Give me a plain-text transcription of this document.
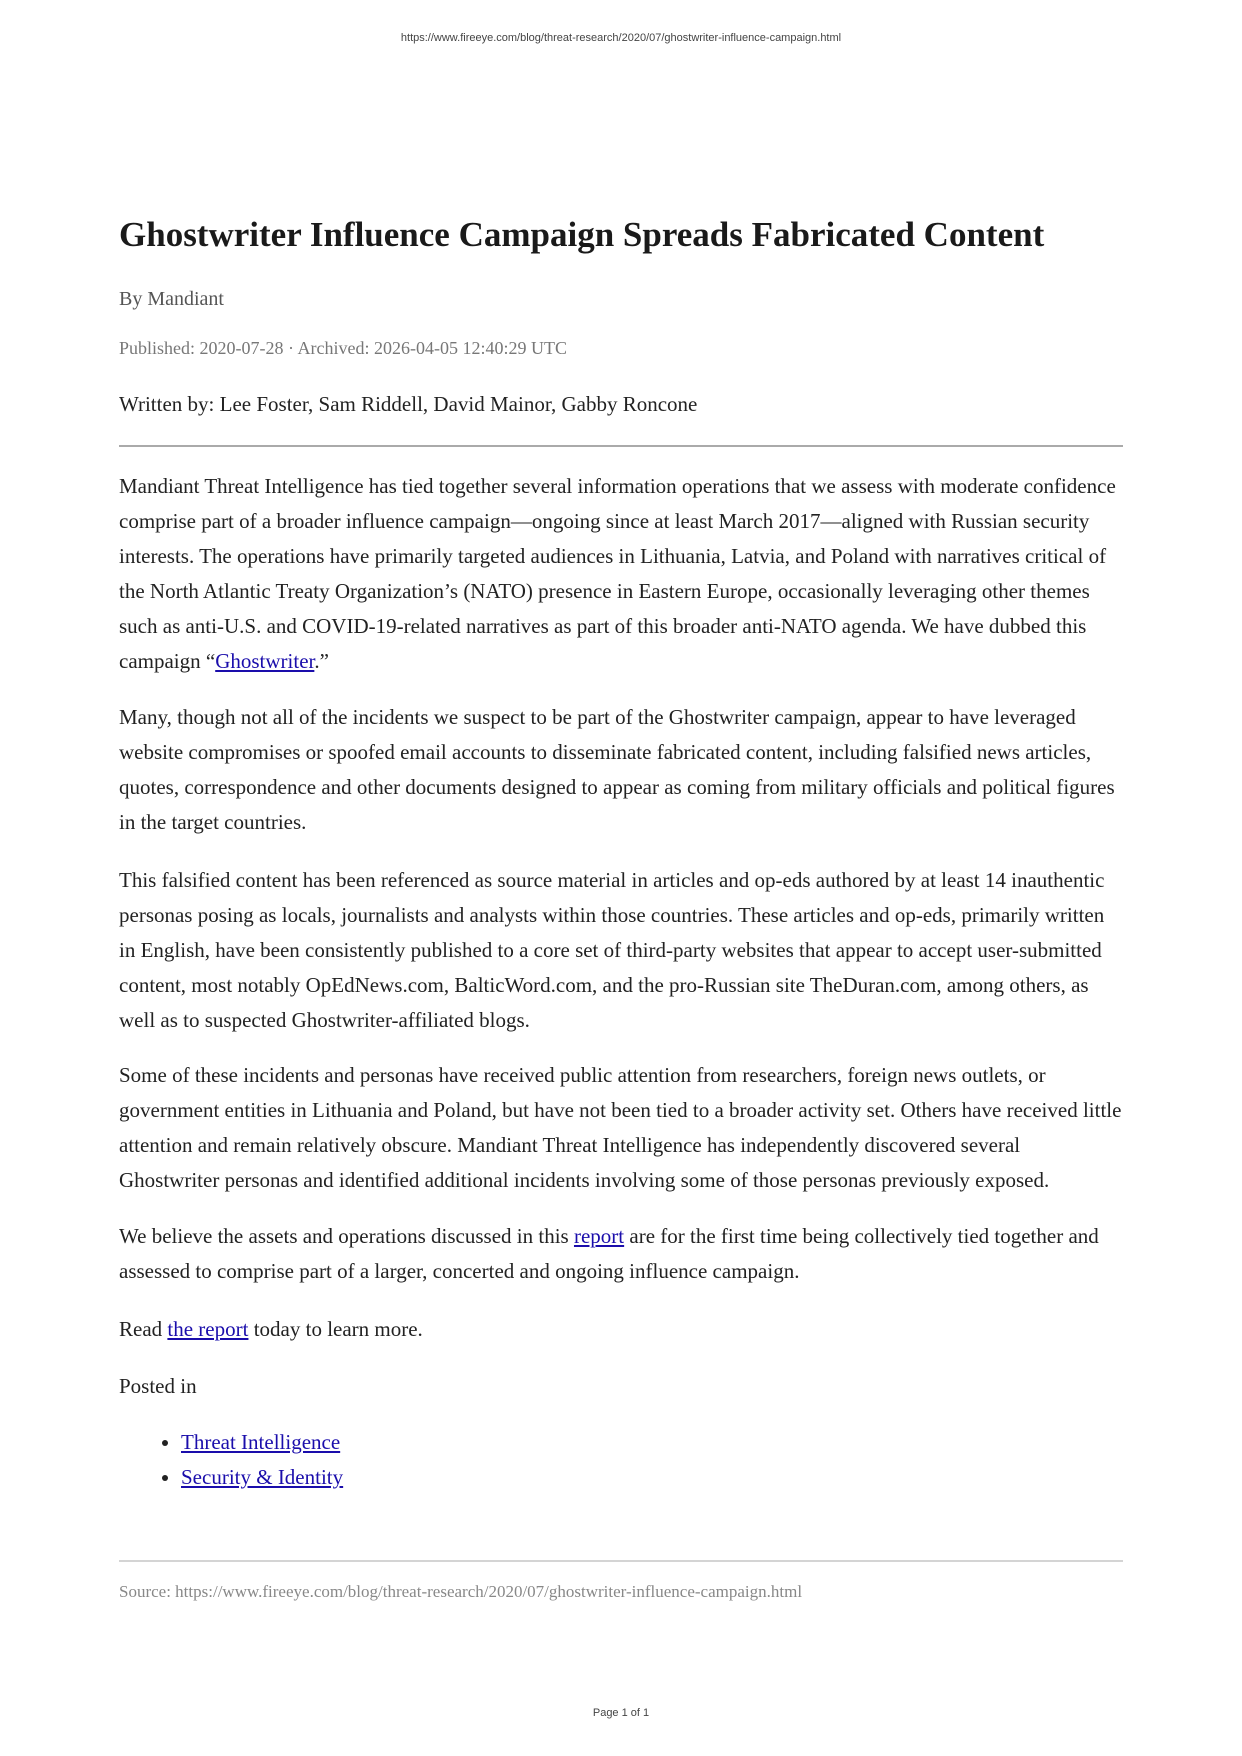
https://www.fireeye.com/blog/threat-research/2020/07/ghostwriter-influence-campaign.html
Ghostwriter Influence Campaign Spreads Fabricated Content
By Mandiant
Published: 2020-07-28 · Archived: 2026-04-05 12:40:29 UTC
Written by: Lee Foster, Sam Riddell, David Mainor, Gabby Roncone

Mandiant Threat Intelligence has tied together several information operations that we assess with moderate confidence comprise part of a broader influence campaign—ongoing since at least March 2017—aligned with Russian security interests. The operations have primarily targeted audiences in Lithuania, Latvia, and Poland with narratives critical of the North Atlantic Treaty Organization’s (NATO) presence in Eastern Europe, occasionally leveraging other themes such as anti-U.S. and COVID-19-related narratives as part of this broader anti-NATO agenda. We have dubbed this campaign “Ghostwriter.”

Many, though not all of the incidents we suspect to be part of the Ghostwriter campaign, appear to have leveraged website compromises or spoofed email accounts to disseminate fabricated content, including falsified news articles, quotes, correspondence and other documents designed to appear as coming from military officials and political figures in the target countries.

This falsified content has been referenced as source material in articles and op-eds authored by at least 14 inauthentic personas posing as locals, journalists and analysts within those countries. These articles and op-eds, primarily written in English, have been consistently published to a core set of third-party websites that appear to accept user-submitted content, most notably OpEdNews.com, BalticWord.com, and the pro-Russian site TheDuran.com, among others, as well as to suspected Ghostwriter-affiliated blogs.

Some of these incidents and personas have received public attention from researchers, foreign news outlets, or government entities in Lithuania and Poland, but have not been tied to a broader activity set. Others have received little attention and remain relatively obscure. Mandiant Threat Intelligence has independently discovered several Ghostwriter personas and identified additional incidents involving some of those personas previously exposed.

We believe the assets and operations discussed in this report are for the first time being collectively tied together and assessed to comprise part of a larger, concerted and ongoing influence campaign.

Read the report today to learn more.

Posted in

• Threat Intelligence
• Security & Identity
Source: https://www.fireeye.com/blog/threat-research/2020/07/ghostwriter-influence-campaign.html
Page 1 of 1
